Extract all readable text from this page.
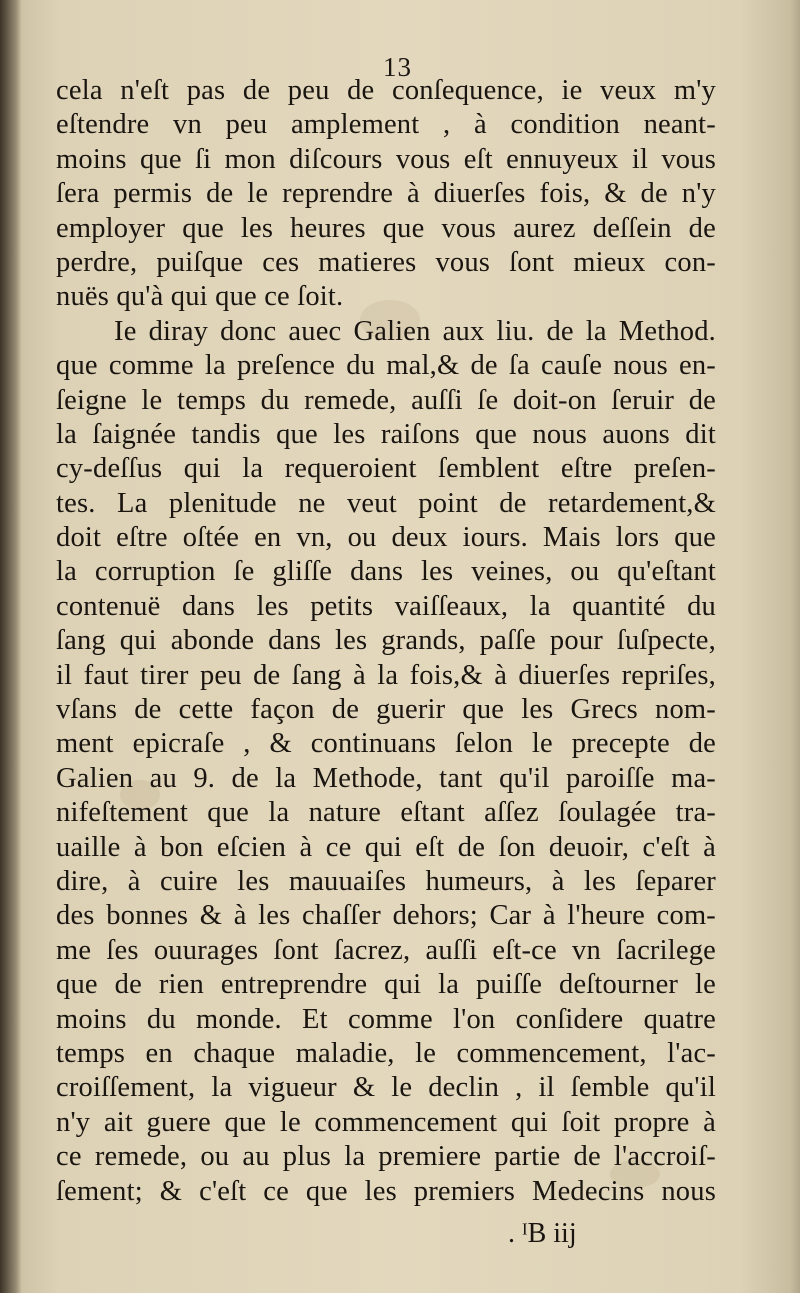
13
cela n'eſt pas de peu de conſequence, ie veux m'y
eſtendre vn peu amplement , à condition neant-
moins que ſi mon diſcours vous eſt ennuyeux il vous
ſera permis de le reprendre à diuerſes fois, & de n'y
employer que les heures que vous aurez deſſein de
perdre, puiſque ces matieres vous ſont mieux con-
nuës qu'à qui que ce ſoit.
Ie diray donc auec Galien aux liu. de la Method.
que comme la preſence du mal,& de ſa cauſe nous en-
ſeigne le temps du remede, auſſi ſe doit-on ſeruir de
la ſaignée tandis que les raiſons que nous auons dit
cy-deſſus qui la requeroient ſemblent eſtre preſen-
tes. La plenitude ne veut point de retardement,&
doit eſtre oſtée en vn, ou deux iours. Mais lors que
la corruption ſe gliſſe dans les veines, ou qu'eſtant
contenuë dans les petits vaiſſeaux, la quantité du
ſang qui abonde dans les grands, paſſe pour ſuſpecte,
il faut tirer peu de ſang à la fois,& à diuerſes repriſes,
vſans de cette façon de guerir que les Grecs nom-
ment epicraſe , & continuans ſelon le precepte de
Galien au 9. de la Methode, tant qu'il paroiſſe ma-
nifeſtement que la nature eſtant aſſez ſoulagée tra-
uaille à bon eſcien à ce qui eſt de ſon deuoir, c'eſt à
dire, à cuire les mauuaiſes humeurs, à les ſeparer
des bonnes & à les chaſſer dehors; Car à l'heure com-
me ſes ouurages ſont ſacrez, auſſi eſt-ce vn ſacrilege
que de rien entreprendre qui la puiſſe deſtourner le
moins du monde. Et comme l'on conſidere quatre
temps en chaque maladie, le commencement, l'ac-
croiſſement, la vigueur & le declin , il ſemble qu'il
n'y ait guere que le commencement qui ſoit propre à
ce remede, ou au plus la premiere partie de l'accroiſ-
ſement; & c'eſt ce que les premiers Medecins nous
. ᴵB iij
